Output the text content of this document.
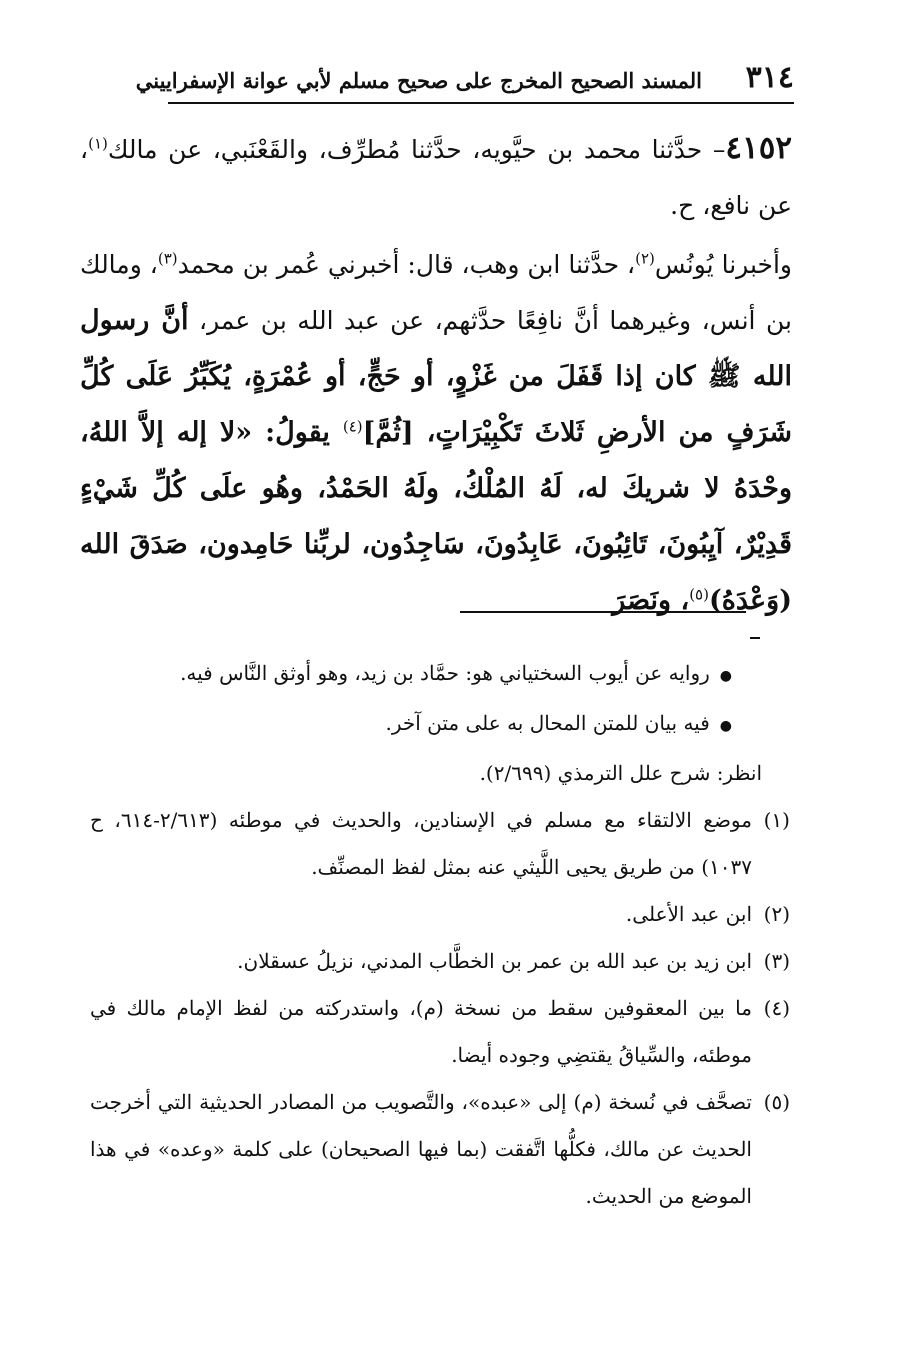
٣١٤
المسند الصحيح المخرج على صحيح مسلم لأبي عوانة الإسفراييني

٤١٥٢– حدَّثنا محمد بن حيَّويه، حدَّثنا مُطرِّف، والقَعْنَبي، عن مالك$^{(١)}$، عن نافع، ح.

وأخبرنا يُونُس$^{(٢)}$، حدَّثنا ابن وهب، قال: أخبرني عُمر بن محمد$^{(٣)}$، ومالك بن أنس، وغيرهما أنَّ نافِعًا حدَّثهم، عن عبد الله بن عمر، أنَّ رسول الله ﷺ كان إذا قَفَلَ من غَزْوٍ، أو حَجٍّ، أو عُمْرَةٍ، يُكَبِّرُ عَلَى كُلِّ شَرَفٍ من الأرضِ ثَلاثَ تَكْبِيْرَاتٍ، [ثُمَّ]$^{(٤)}$ يقولُ: «لا إله إلاَّ اللهُ، وحْدَهُ لا شريكَ له، لَهُ المُلْكُ، ولَهُ الحَمْدُ، وهُو علَى كُلِّ شَيْءٍ قَدِيْرٌ، آيِبُونَ، تَائِبُونَ، عَابِدُونَ، سَاجِدُون، لربِّنا حَامِدون، صَدَقَ الله (وَعْدَهُ)$^{(٥)}$، ونَصَرَ

● روايه عن أيوب السختياني هو: حمَّاد بن زيد، وهو أوثق النَّاس فيه.

● فيه بيان للمتن المحال به على متن آخر.

انظر: شرح علل الترمذي (٢/٦٩٩).

(١)موضع الالتقاء مع مسلم في الإسنادين، والحديث في موطئه (٢/٦١٣-٦١٤، ح ١٠٣٧) من طريق يحيى اللَّيثي عنه بمثل لفظ المصنِّف.

(٢)ابن عبد الأعلى.

(٣)ابن زيد بن عبد الله بن عمر بن الخطَّاب المدني، نزيلُ عسقلان.

(٤)ما بين المعقوفين سقط من نسخة (م)، واستدركته من لفظ الإمام مالك في موطئه، والسِّياقُ يقتضِي وجوده أيضا.

(٥)تصحَّف في نُسخة (م) إلى «عبده»، والتَّصويب من المصادر الحديثية التي أخرجت الحديث عن مالك، فكلُّها اتَّفقت (بما فيها الصحيحان) على كلمة «وعده» في هذا الموضع من الحديث.
